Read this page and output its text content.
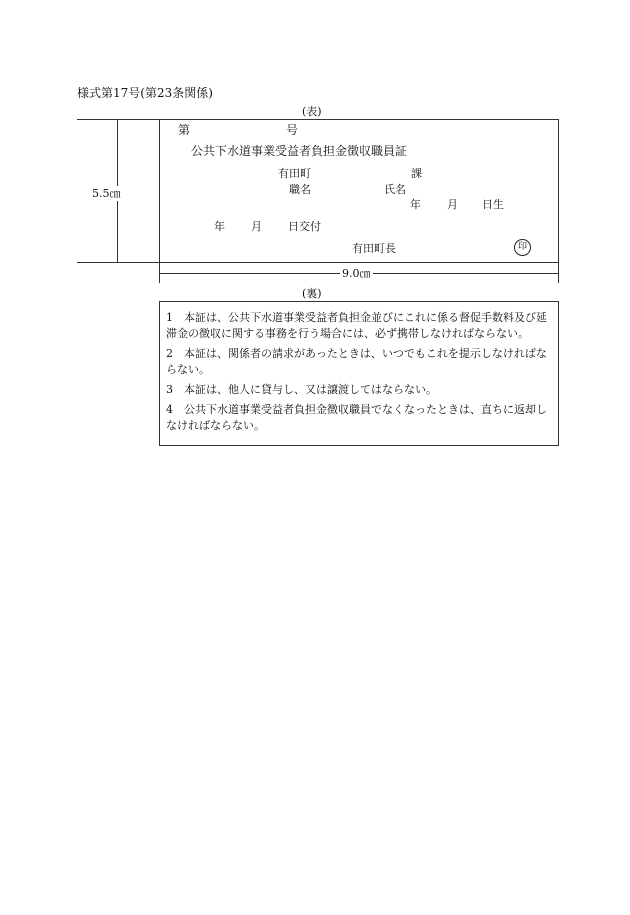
様式第17号(第23条関係)
(表)
5.5㎝
第	号
公共下水道事業受益者負担金徴収職員証
有田町	課
職名	氏名
年 月 日生
年 月 日交付
有田町長	印
9.0㎝
(裏)

1　本証は、公共下水道事業受益者負担金並びにこれに係る督促手数料及び延滞金の徴収に関する事務を行う場合には、必ず携帯しなければならない。

2　本証は、関係者の請求があったときは、いつでもこれを提示しなければならない。

3　本証は、他人に貸与し、又は譲渡してはならない。

4　公共下水道事業受益者負担金徴収職員でなくなったときは、直ちに返却しなければならない。
